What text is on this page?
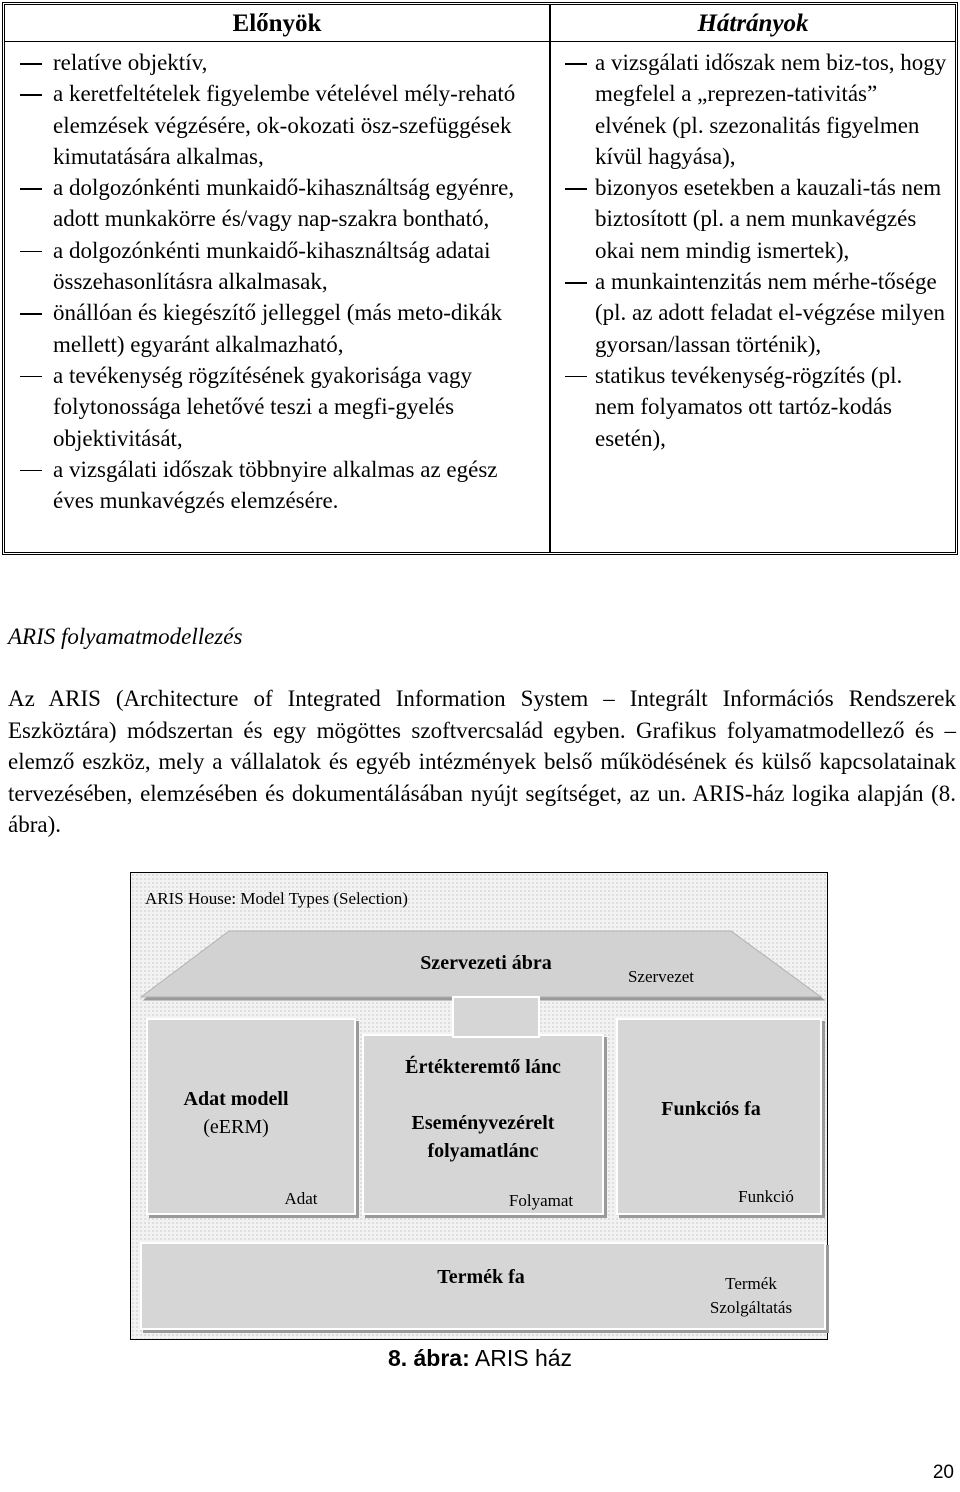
Előnyök	Hátrányok
relatíve objektív,
a keretfeltételek figyelembe vételével mély-reható elemzések végzésére, ok-okozati ösz-szefüggések kimutatására alkalmas,
a dolgozónkénti munkaidő-kihasználtság egyénre, adott munkakörre és/vagy nap-szakra bontható,
a dolgozónkénti munkaidő-kihasználtság adatai összehasonlításra alkalmasak,
önállóan és kiegészítő jelleggel (más meto-dikák mellett) egyaránt alkalmazható,
a tevékenység rögzítésének gyakorisága vagy folytonossága lehetővé teszi a megfi-gyelés objektivitását,
a vizsgálati időszak többnyire alkalmas az egész éves munkavégzés elemzésére.
a vizsgálati időszak nem biz-tos, hogy megfelel a „reprezen-tativitás” elvének (pl. szezonalitás figyelmen kívül hagyása),
bizonyos esetekben a kauzali-tás nem biztosított (pl. a nem munkavégzés okai nem mindig ismertek),
a munkaintenzitás nem mérhe-tősége (pl. az adott feladat el-végzése milyen gyorsan/lassan történik),
statikus tevékenység-rögzítés (pl. nem folyamatos ott tartóz-kodás esetén),
ARIS folyamatmodellezés

Az ARIS (Architecture of Integrated Information System – Integrált Információs Rendszerek Eszköztára) módszertan és egy mögöttes szoftvercsalád egyben. Grafikus folyamatmodellező és –elemző eszköz, mely a vállalatok és egyéb intézmények belső működésének és külső kapcsolatainak tervezésében, elemzésében és dokumentálásában nyújt segítséget, az un. ARIS-ház logika alapján (8. ábra).

ARIS House: Model Types (Selection)
Szervezeti ábra
Szervezet
Adat modell
(eERM)
Adat
Értékteremtő lánc
Eseményvezérelt
folyamatlánc
Folyamat
Funkciós fa
Funkció
Termék fa	Termék
Szolgáltatás
8. ábra: ARIS ház
20
